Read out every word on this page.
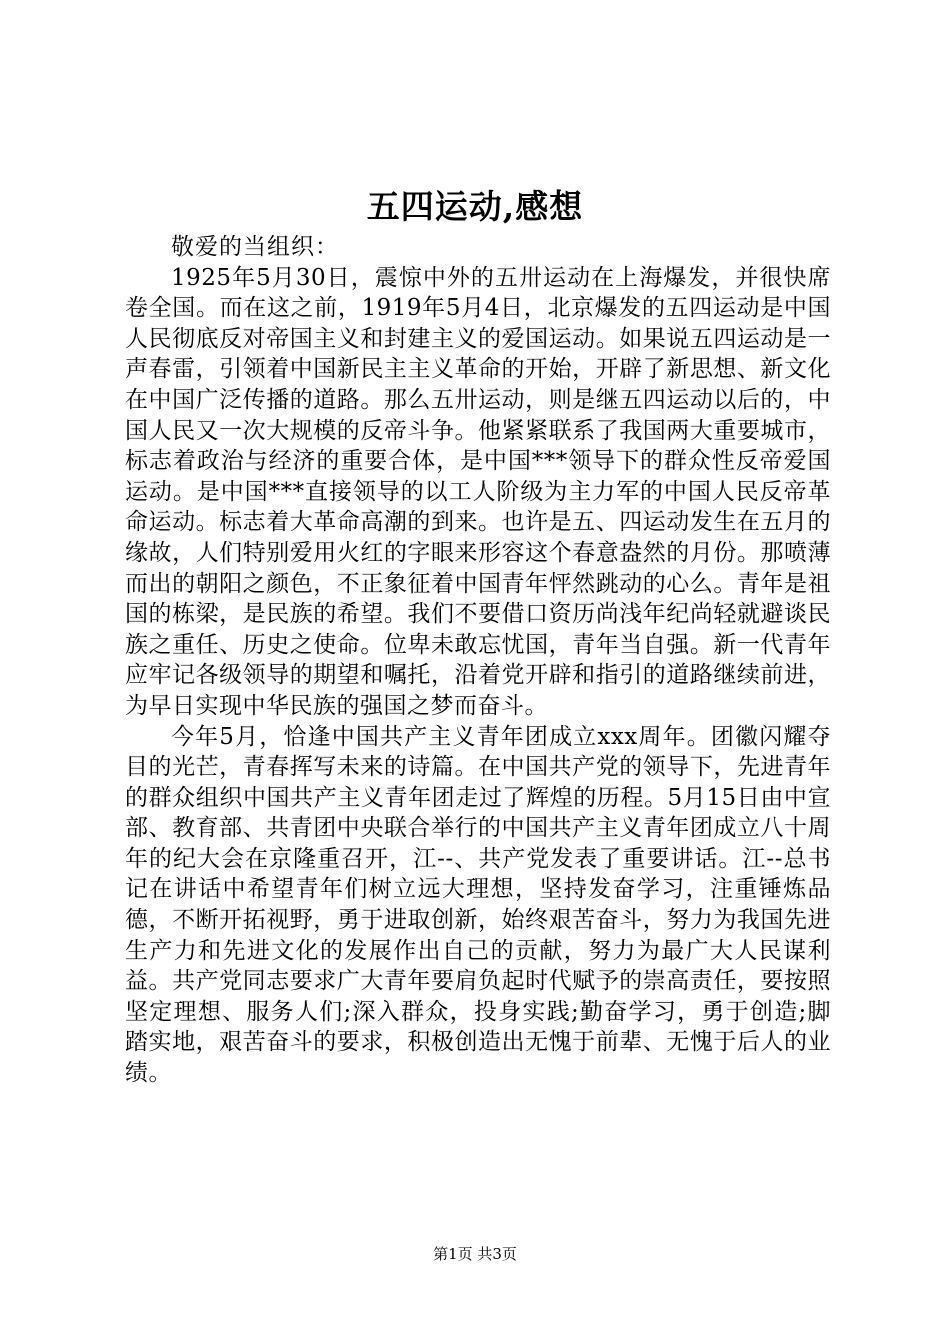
五四运动,感想

敬爱的当组织：

1925年5月30日，震惊中外的五卅运动在上海爆发，并很快席卷全国。而在这之前，1919年5月4日，北京爆发的五四运动是中国人民彻底反对帝国主义和封建主义的爱国运动。如果说五四运动是一声春雷，引领着中国新民主主义革命的开始，开辟了新思想、新文化在中国广泛传播的道路。那么五卅运动，则是继五四运动以后的，中国人民又一次大规模的反帝斗争。他紧紧联系了我国两大重要城市，标志着政治与经济的重要合体，是中国***领导下的群众性反帝爱国运动。是中国***直接领导的以工人阶级为主力军的中国人民反帝革命运动。标志着大革命高潮的到来。也许是五、四运动发生在五月的缘故，人们特别爱用火红的字眼来形容这个春意盎然的月份。那喷薄而出的朝阳之颜色，不正象征着中国青年怦然跳动的心么。青年是祖国的栋梁，是民族的希望。我们不要借口资历尚浅年纪尚轻就避谈民族之重任、历史之使命。位卑未敢忘忧国，青年当自强。新一代青年应牢记各级领导的期望和嘱托，沿着党开辟和指引的道路继续前进，为早日实现中华民族的强国之梦而奋斗。

今年5月，恰逢中国共产主义青年团成立xxx周年。团徽闪耀夺目的光芒，青春挥写未来的诗篇。在中国共产党的领导下，先进青年的群众组织中国共产主义青年团走过了辉煌的历程。5月15日由中宣部、教育部、共青团中央联合举行的中国共产主义青年团成立八十周年的纪大会在京隆重召开，江--、共产党发表了重要讲话。江--总书记在讲话中希望青年们树立远大理想，坚持发奋学习，注重锤炼品德，不断开拓视野，勇于进取创新，始终艰苦奋斗，努力为我国先进生产力和先进文化的发展作出自己的贡献，努力为最广大人民谋利益。共产党同志要求广大青年要肩负起时代赋予的崇高责任，要按照坚定理想、服务人们;深入群众，投身实践;勤奋学习，勇于创造;脚踏实地，艰苦奋斗的要求，积极创造出无愧于前辈、无愧于后人的业绩。

第1页 共3页
